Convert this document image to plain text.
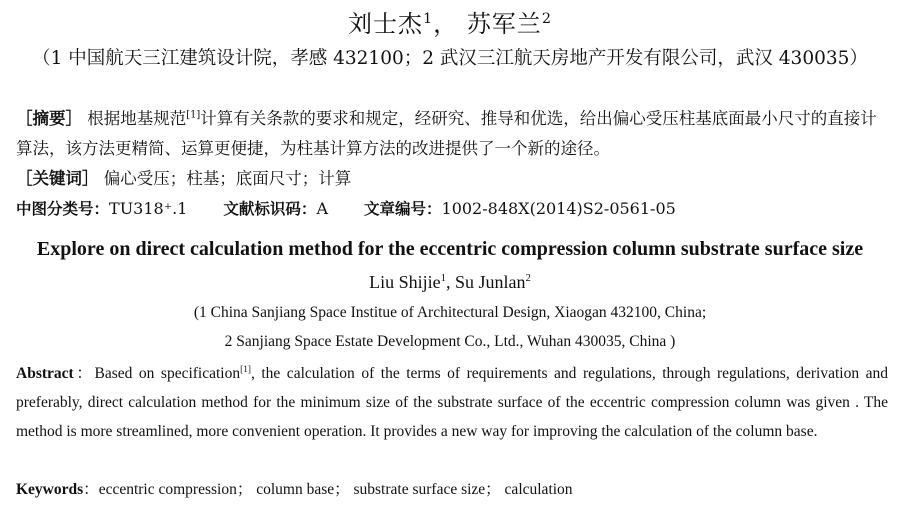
刘士杰$^1$， 苏军兰$^2$
（1 中国航天三江建筑设计院，孝感 432100；2 武汉三江航天房地产开发有限公司，武汉 430035）
［摘要］ 根据地基规范[1]计算有关条款的要求和规定，经研究、推导和优选，给出偏心受压柱基底面最小尺寸的直接计算法，该方法更精简、运算更便捷，为柱基计算方法的改进提供了一个新的途径。
［关键词］ 偏心受压；柱基；底面尺寸；计算
中图分类号：TU318⁺.1 文献标识码：A 文章编号：1002-848X(2014)S2-0561-05
Explore on direct calculation method for the eccentric compression column substrate surface size
Liu Shijie$^1$, Su Junlan$^2$
(1 China Sanjiang Space Institue of Architectural Design, Xiaogan 432100, China;
2 Sanjiang Space Estate Development Co., Ltd., Wuhan 430035, China )
Abstract：Based on specification[1], the calculation of the terms of requirements and regulations, through regulations, derivation and preferably, direct calculation method for the minimum size of the substrate surface of the eccentric compression column was given . The method is more streamlined, more convenient operation. It provides a new way for improving the calculation of the column base.
Keywords：eccentric compression； column base； substrate surface size； calculation
